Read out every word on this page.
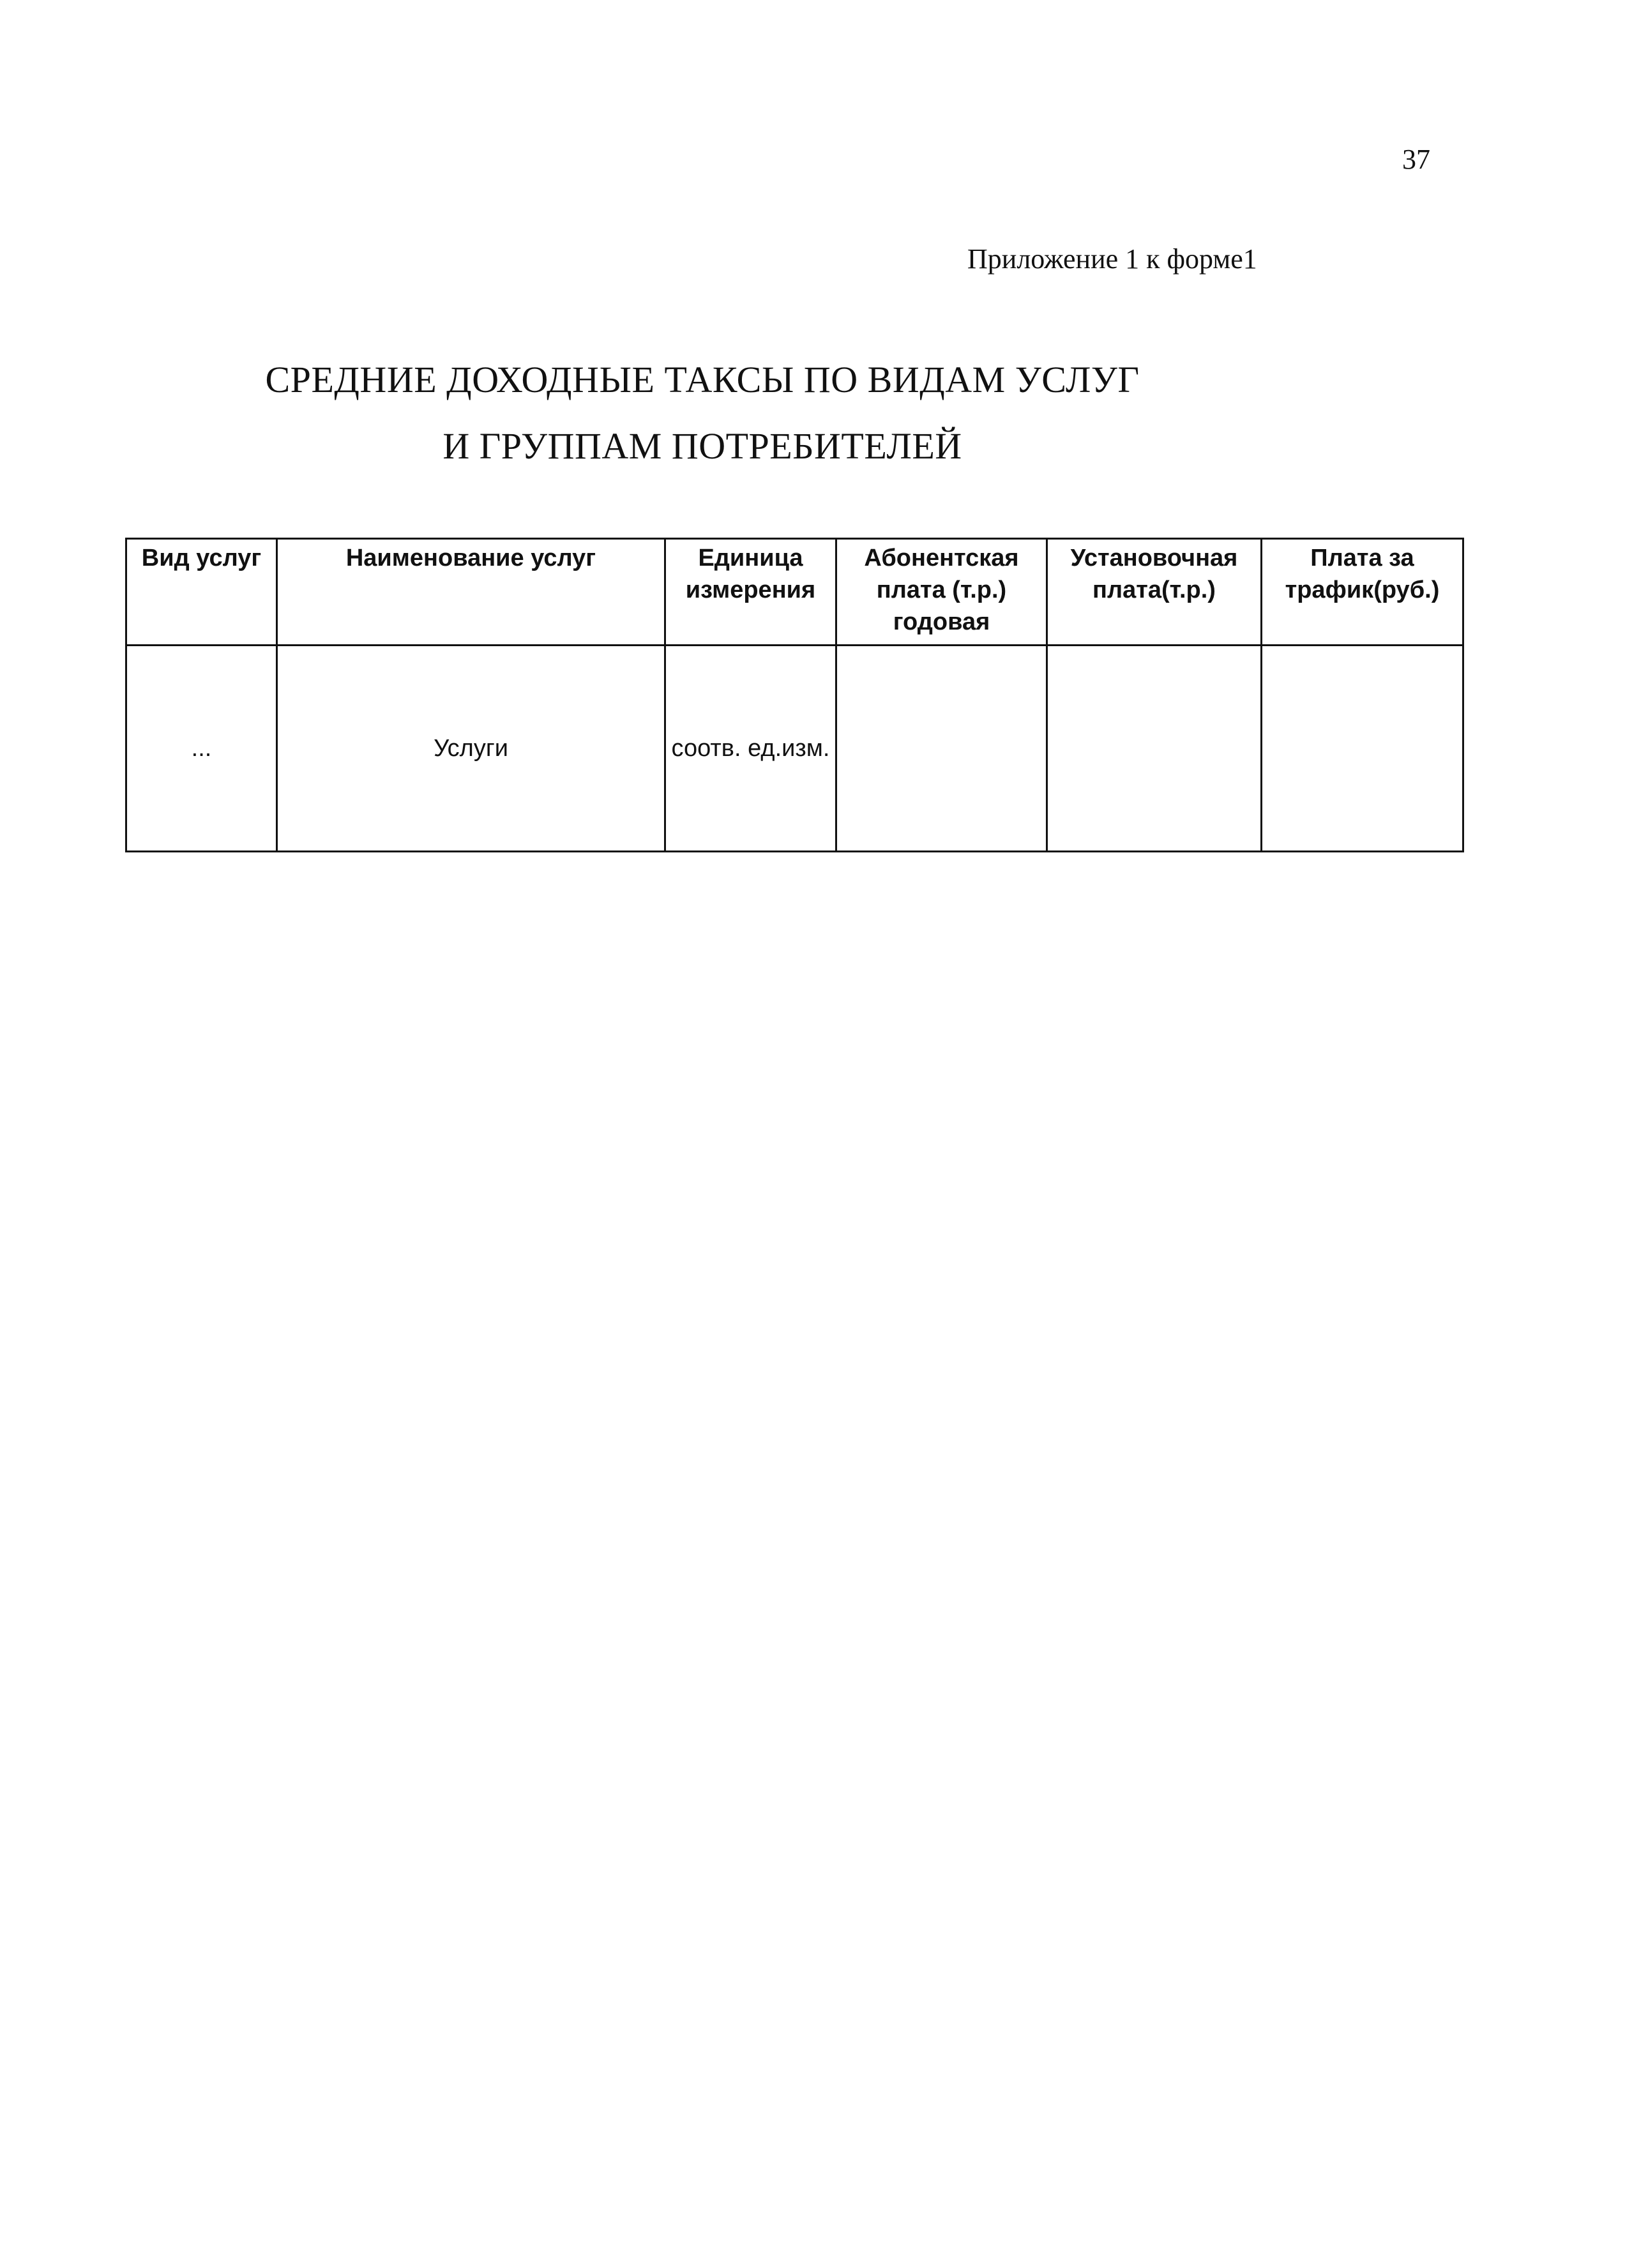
37
Приложение 1 к форме1
СРЕДНИЕ ДОХОДНЫЕ ТАКСЫ ПО ВИДАМ УСЛУГ
И ГРУППАМ ПОТРЕБИТЕЛЕЙ
Вид услуг	Наименование услуг	Единица измерения	Абонентская плата (т.р.) годовая	Установочная плата(т.р.)	Плата за трафик(руб.)
...	Услуги	соотв. ед.изм.			
